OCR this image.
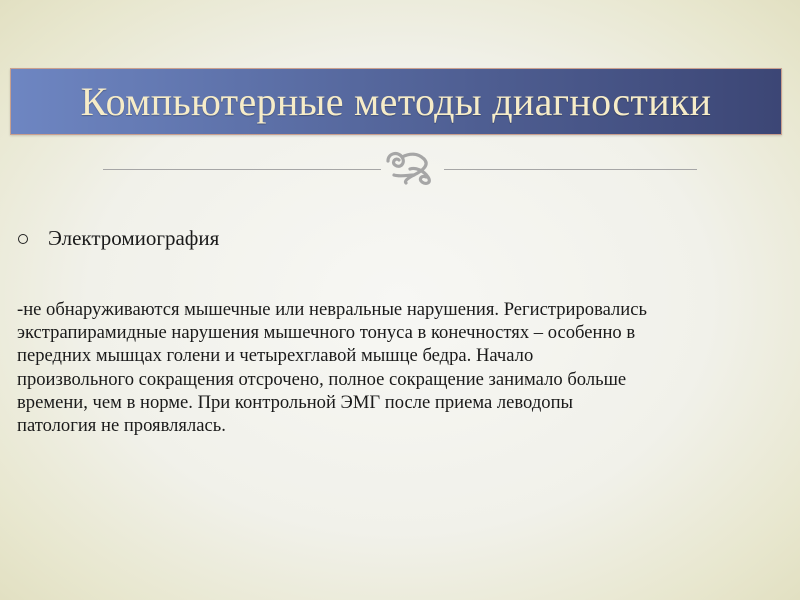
Компьютерные методы диагностики
Электромиография
-не обнаруживаются мышечные или невральные нарушения. Регистрировались
экстрапирамидные нарушения мышечного тонуса в конечностях – особенно в
передних мышцах голени и четырехглавой мышце бедра. Начало
произвольного сокращения отсрочено, полное сокращение занимало больше
времени, чем в норме. При контрольной ЭМГ после приема леводопы
патология не проявлялась.
